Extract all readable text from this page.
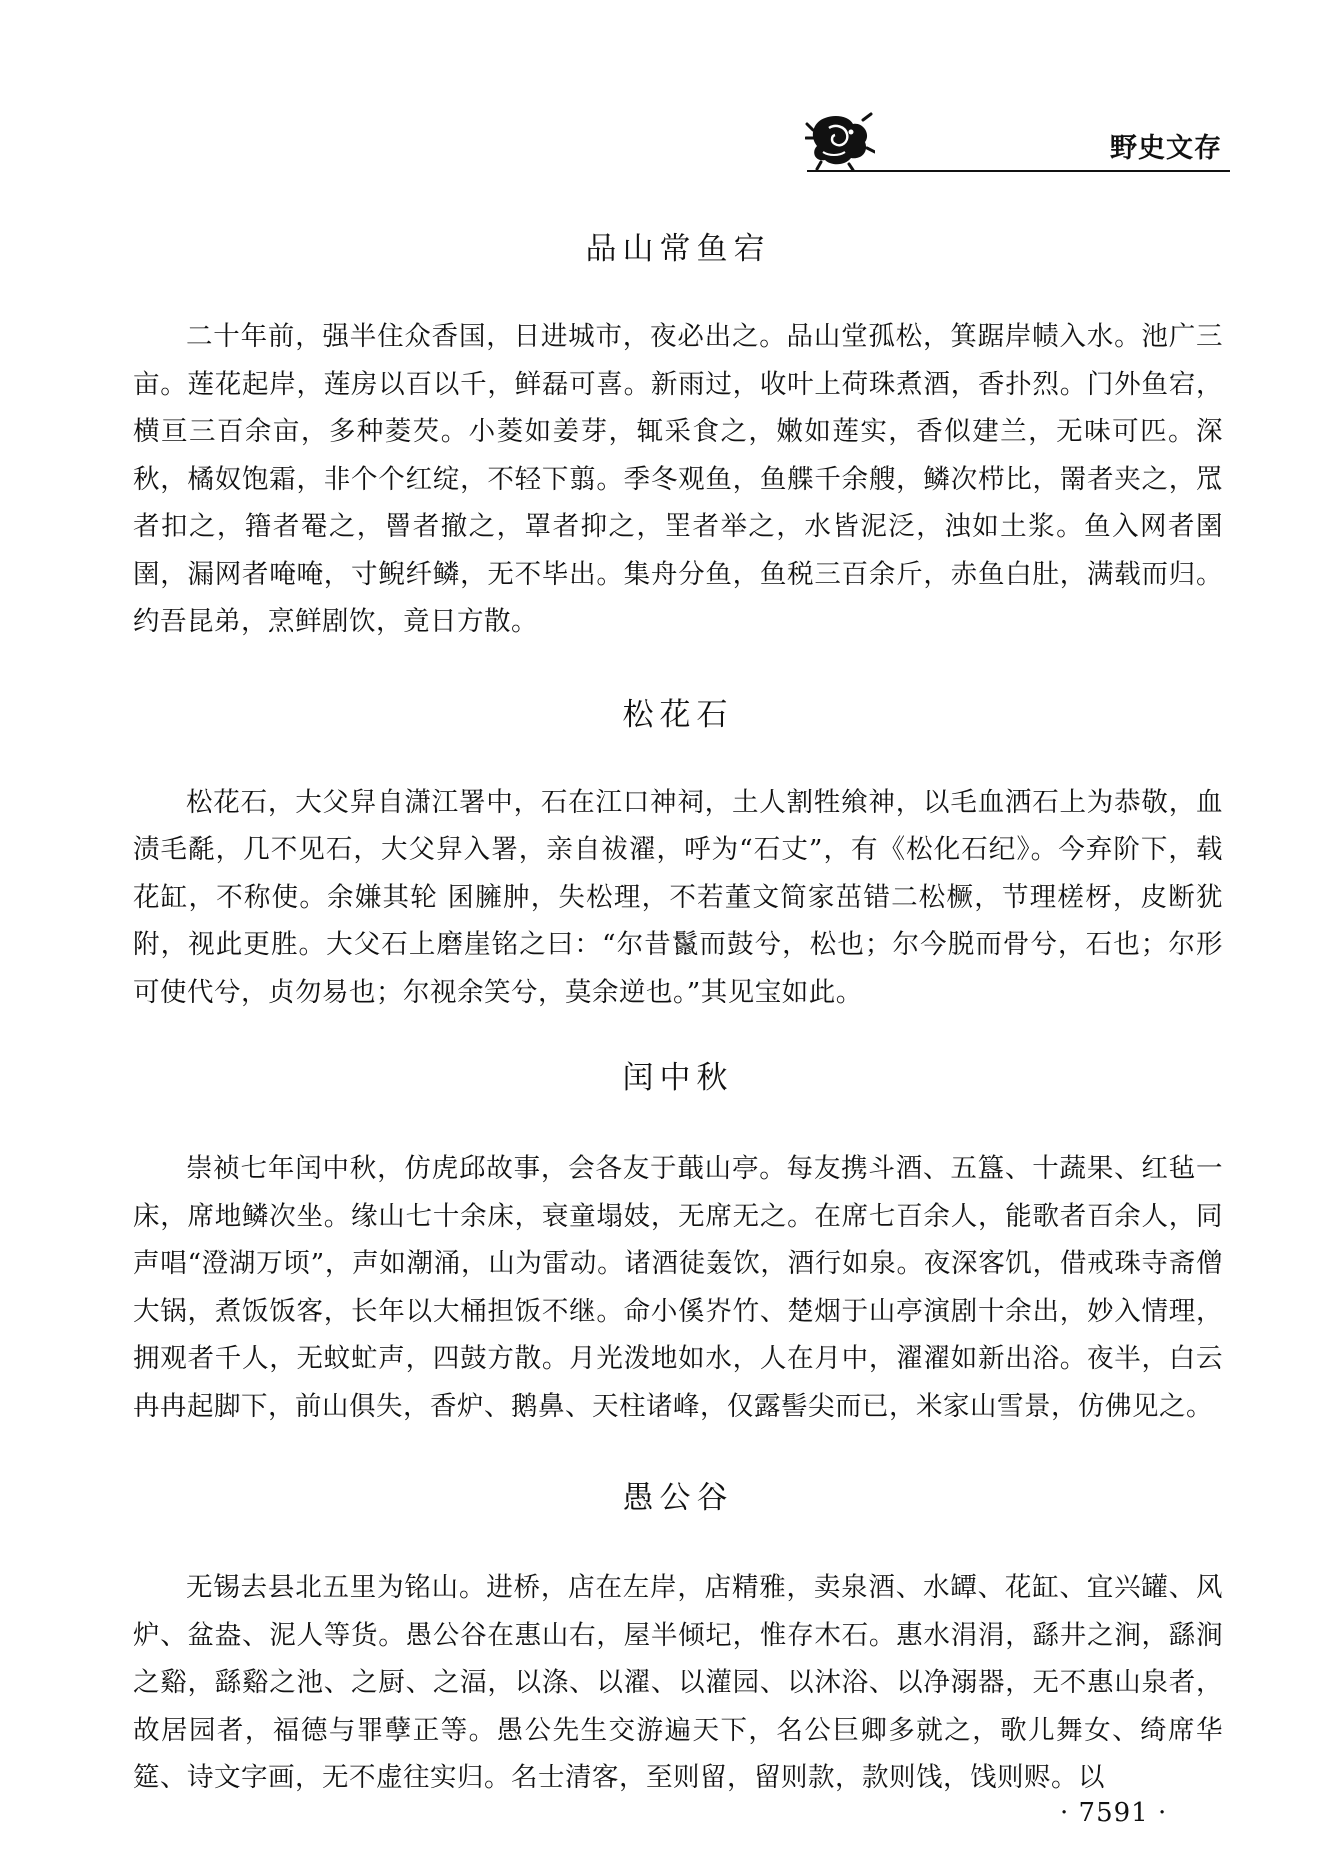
野史文存
品山常鱼宕

二十年前，强半住众香国，日进城市，夜必出之。品山堂孤松，箕踞岸帻入水。池广三亩。莲花起岸，莲房以百以千，鲜磊可喜。新雨过，收叶上荷珠煮酒，香扑烈。门外鱼宕，横亘三百余亩，多种菱芡。小菱如姜芽，辄采食之，嫩如莲实，香似建兰，无味可匹。深秋，橘奴饱霜，非个个红绽，不轻下翦。季冬观鱼，鱼艓千余艘，鳞次栉比，罱者夹之，罛者扣之，簎者罨之，罾者撤之，罩者抑之，罜者举之，水皆泥泛，浊如土浆。鱼入网者圉圉，漏网者唵唵，寸鲵纤鳞，无不毕出。集舟分鱼，鱼税三百余斤，赤鱼白肚，满载而归。约吾昆弟，烹鲜剧饮，竟日方散。

松花石

松花石，大父舁自潇江署中，石在江口神祠，土人割牲飨神，以毛血洒石上为恭敬，血渍毛氄，几不见石，大父舁入署，亲自祓濯，呼为“石丈”，有《松化石纪》。今弃阶下，载花缸，不称使。余嫌其轮 囷臃肿，失松理，不若董文简家茁错二松橛，节理槎枒，皮断犹附，视此更胜。大父石上磨崖铭之曰：“尔昔鬣而鼓兮，松也；尔今脱而骨兮，石也；尔形可使代兮，贞勿易也；尔视余笑兮，莫余逆也。”其见宝如此。

闰中秋

崇祯七年闰中秋，仿虎邱故事，会各友于蕺山亭。每友携斗酒、五簋、十蔬果、红毡一床，席地鳞次坐。缘山七十余床，衰童塌妓，无席无之。在席七百余人，能歌者百余人，同声唱“澄湖万顷”，声如潮涌，山为雷动。诸酒徒轰饮，酒行如泉。夜深客饥，借戒珠寺斋僧大锅，煮饭饭客，长年以大桶担饭不继。命小傒岕竹、楚烟于山亭演剧十余出，妙入情理，拥观者千人，无蚊虻声，四鼓方散。月光泼地如水，人在月中，濯濯如新出浴。夜半，白云冉冉起脚下，前山俱失，香炉、鹅鼻、天柱诸峰，仅露髻尖而已，米家山雪景，仿佛见之。

愚公谷

无锡去县北五里为铭山。进桥，店在左岸，店精雅，卖泉酒、水罈、花缸、宜兴罐、风炉、盆盎、泥人等货。愚公谷在惠山右，屋半倾圮，惟存木石。惠水涓涓，繇井之涧，繇涧之谿，繇谿之池、之厨、之湢，以涤、以濯、以灌园、以沐浴、以净溺器，无不惠山泉者，故居园者，福德与罪孽正等。愚公先生交游遍天下，名公巨卿多就之，歌儿舞女、绮席华筵、诗文字画，无不虚往实归。名士清客，至则留，留则款，款则饯，饯则赆。以

· 7591 ·
